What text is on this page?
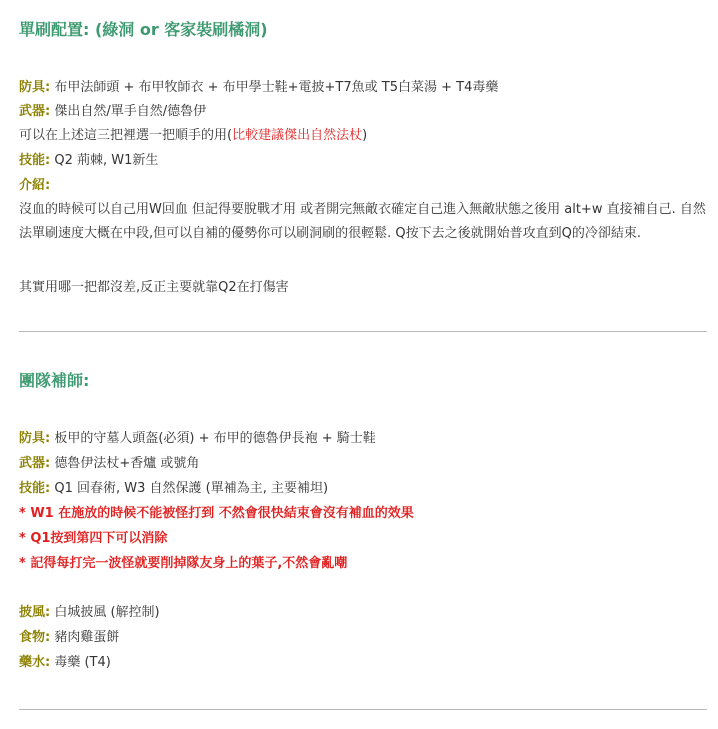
單刷配置: (綠洞 or 客家裝刷橘洞)

防具: 布甲法師頭 + 布甲牧師衣 + 布甲學士鞋+電披+T7魚或 T5白菜湯 + T4毒藥

武器: 傑出自然/單手自然/德魯伊

可以在上述這三把裡選一把順手的用(比較建議傑出自然法杖)

技能: Q2 荊棘, W1新生

介紹:

沒血的時候可以自己用W回血 但記得要脫戰才用 或者開完無敵衣確定自己進入無敵狀態之後用 alt+w 直接補自己. 自然法單刷速度大概在中段,但可以自補的優勢你可以刷洞刷的很輕鬆. Q按下去之後就開始普攻直到Q的冷卻結束.

其實用哪一把都沒差,反正主要就靠Q2在打傷害

團隊補師:

防具: 板甲的守墓人頭盔(必須) + 布甲的德魯伊長袍 + 騎士鞋

武器: 德魯伊法杖+香爐 或號角

技能: Q1 回春術, W3 自然保護 (單補為主, 主要補坦)

* W1 在施放的時候不能被怪打到 不然會很快結束會沒有補血的效果

* Q1按到第四下可以消除

* 記得每打完一波怪就要削掉隊友身上的葉子,不然會亂嘲

披風: 白城披風 (解控制)

食物: 豬肉雞蛋餅

藥水: 毒藥 (T4)
